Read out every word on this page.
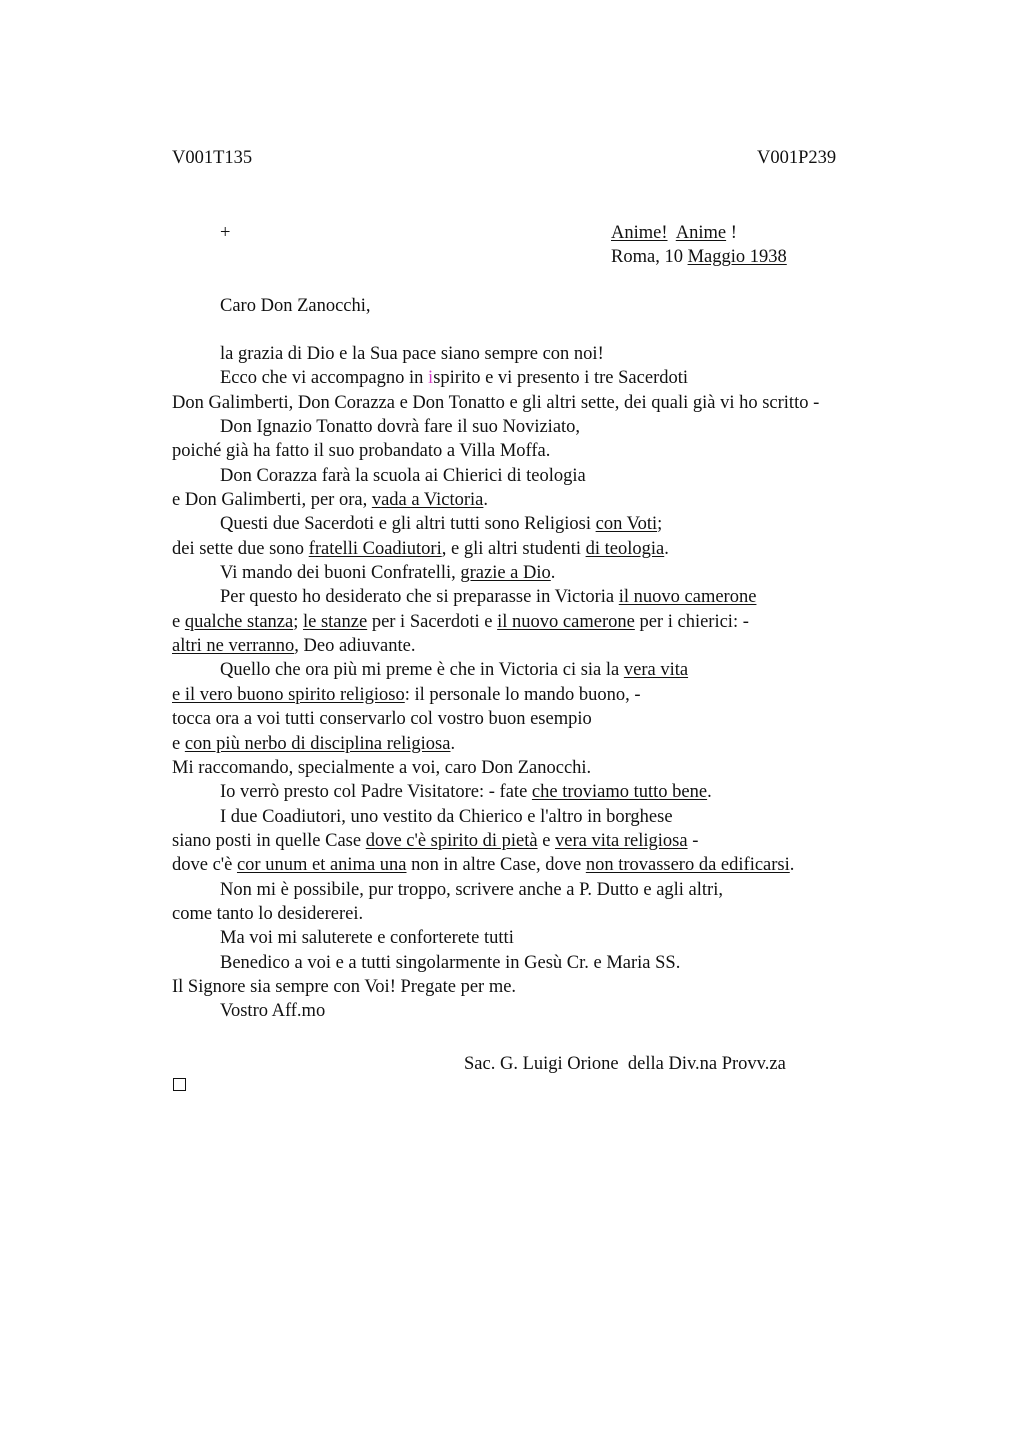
V001T135	V001P239
+	Anime! Anime !
Roma, 10 Maggio 1938
Caro Don Zanocchi,
la grazia di Dio e la Sua pace siano sempre con noi!
Ecco che vi accompagno in ispirito e vi presento i tre Sacerdoti
Don Galimberti, Don Corazza e Don Tonatto e gli altri sette, dei quali già vi ho scritto -
Don Ignazio Tonatto dovrà fare il suo Noviziato,
poiché già ha fatto il suo probandato a Villa Moffa.
Don Corazza farà la scuola ai Chierici di teologia
e Don Galimberti, per ora, vada a Victoria.
Questi due Sacerdoti e gli altri tutti sono Religiosi con Voti;
dei sette due sono fratelli Coadiutori, e gli altri studenti di teologia.
Vi mando dei buoni Confratelli, grazie a Dio.
Per questo ho desiderato che si preparasse in Victoria il nuovo camerone
e qualche stanza; le stanze per i Sacerdoti e il nuovo camerone per i chierici: -
altri ne verranno, Deo adiuvante.
Quello che ora più mi preme è che in Victoria ci sia la vera vita
e il vero buono spirito religioso: il personale lo mando buono, -
tocca ora a voi tutti conservarlo col vostro buon esempio
e con più nerbo di disciplina religiosa.
Mi raccomando, specialmente a voi, caro Don Zanocchi.
Io verrò presto col Padre Visitatore: - fate che troviamo tutto bene.
I due Coadiutori, uno vestito da Chierico e l'altro in borghese
siano posti in quelle Case dove c'è spirito di pietà e vera vita religiosa -
dove c'è cor unum et anima una non in altre Case, dove non trovassero da edificarsi.
Non mi è possibile, pur troppo, scrivere anche a P. Dutto e agli altri,
come tanto lo desidererei.
Ma voi mi saluterete e conforterete tutti
Benedico a voi e a tutti singolarmente in Gesù Cr. e Maria SS.
Il Signore sia sempre con Voi! Pregate per me.
Vostro Aff.mo
Sac. G. Luigi Orione  della Div.na Provv.za
